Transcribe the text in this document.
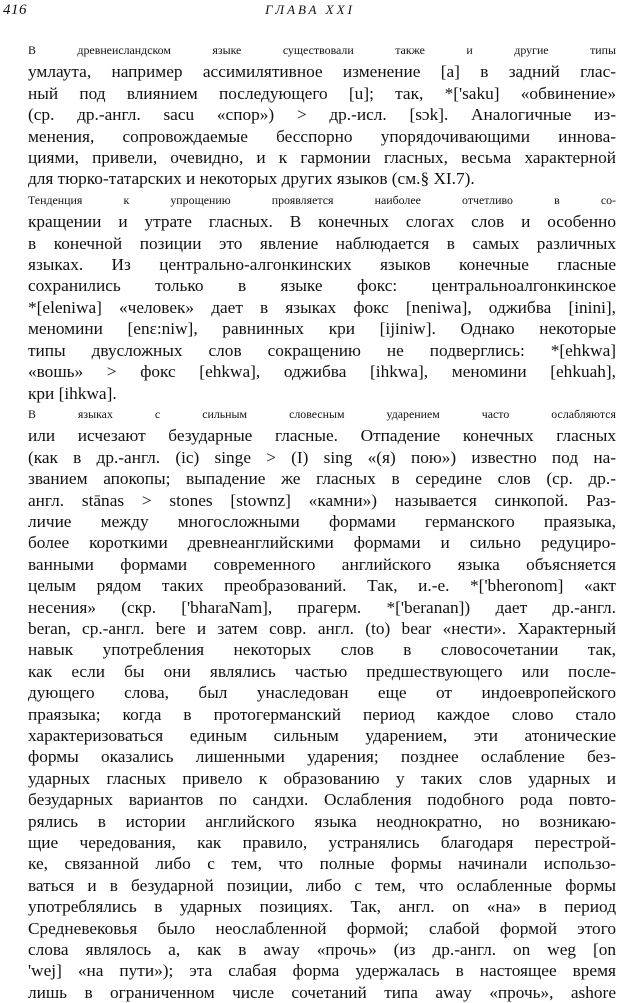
416	ГЛАВА XXI

В древнеисландском языке существовали также и другие типы
умлаута, например ассимилятивное изменение [a] в задний глас-
ный под влиянием последующего [u]; так, *['saku] «обвинение»
(ср. др.-англ. sacu «спор») > др.-исл. [sɔk]. Аналогичные из-
менения, сопровождаемые бесспорно упорядочивающими иннова-
циями, привели, очевидно, и к гармонии гласных, весьма характерной
для тюрко-татарских и некоторых других языков (см.§ XI.7).

Тенденция к упрощению проявляется наиболее отчетливо в со-
кращении и утрате гласных. В конечных слогах слов и особенно
в конечной позиции это явление наблюдается в самых различных
языках. Из центрально-алгонкинских языков конечные гласные
сохранились только в языке фокс: центральноалгонкинское
*[eleniwa] «человек» дает в языках фокс [neniwa], оджибва [inini],
меномини [enɛ:niw], равнинных кри [ijiniw]. Однако некоторые
типы двусложных слов сокращению не подверглись: *[ehkwa]
«вошь» > фокс [ehkwa], оджибва [ihkwa], меномини [ehkuah],
кри [ihkwa].

В языках с сильным словесным ударением часто ослабляются
или исчезают безударные гласные. Отпадение конечных гласных
(как в др.-англ. (ic) singe > (I) sing «(я) пою») известно под на-
званием апокопы; выпадение же гласных в середине слов (ср. др.-
англ. stānas > stones [stownz] «камни») называется синкопой. Раз-
личие между многосложными формами германского праязыка,
более короткими древнеанглийскими формами и сильно редуциро-
ванными формами современного английского языка объясняется
целым рядом таких преобразований. Так, и.-е. *['bheronom] «акт
несения» (скр. ['bharaNam], прагерм. *['beranan]) дает др.-англ.
beran, ср.-англ. bere и затем совр. англ. (to) bear «нести». Характерный
навык употребления некоторых слов в словосочетании так,
как если бы они являлись частью предшествующего или после-
дующего слова, был унаследован еще от индоевропейского
праязыка; когда в протогерманский период каждое слово стало
характеризоваться единым сильным ударением, эти атонические
формы оказались лишенными ударения; позднее ослабление без-
ударных гласных привело к образованию у таких слов ударных и
безударных вариантов по сандхи. Ослабления подобного рода повто-
рялись в истории английского языка неоднократно, но возникаю-
щие чередования, как правило, устранялись благодаря перестрой-
ке, связанной либо с тем, что полные формы начинали использо-
ваться и в безударной позиции, либо с тем, что ослабленные формы
употреблялись в ударных позициях. Так, англ. on «на» в период
Средневековья было неослабленной формой; слабой формой этого
слова являлось a, как в away «прочь» (из др.-англ. on weg [on
'wej] «на пути»); эта слабая форма удержалась в настоящее время
лишь в ограниченном числе сочетаний типа away «прочь», ashore
